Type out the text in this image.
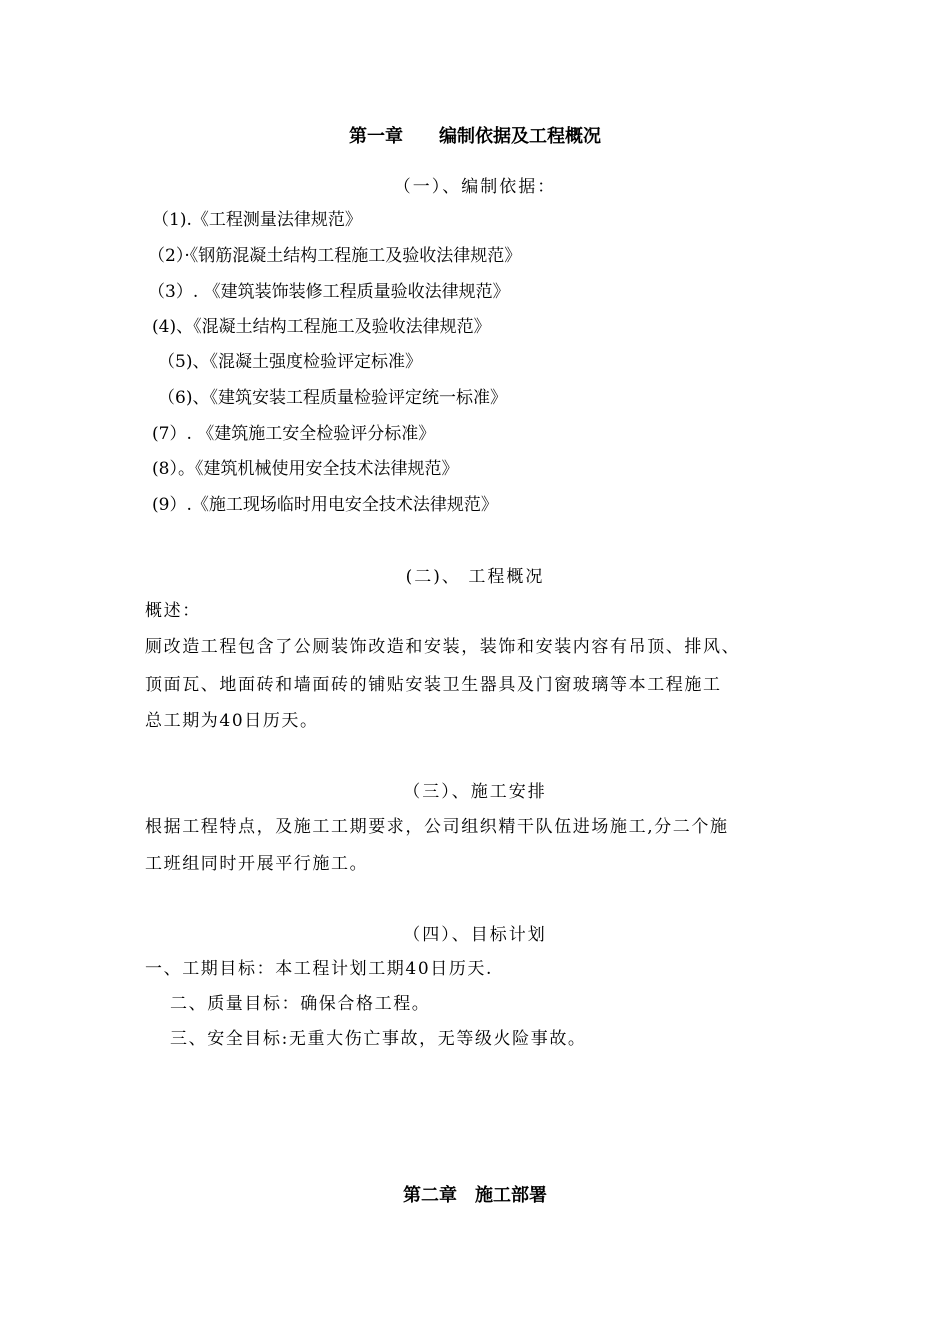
第一章　　编制依据及工程概况
（一）、编制依据：
（1).《工程测量法律规范》
（2）·《钢筋混凝土结构工程施工及验收法律规范》
（3）. 《建筑装饰装修工程质量验收法律规范》
(4)、《混凝土结构工程施工及验收法律规范》
（5)、《混凝土强度检验评定标准》
（6)、《建筑安装工程质量检验评定统一标准》
(7）. 《建筑施工安全检验评分标准》
(8）。《建筑机械使用安全技术法律规范》
(9）.《施工现场临时用电安全技术法律规范》
(二)、 工程概况
概述：
厕改造工程包含了公厕装饰改造和安装，装饰和安装内容有吊顶、排风、
顶面瓦、地面砖和墙面砖的铺贴安装卫生器具及门窗玻璃等本工程施工
总工期为40日历天。
（三）、施工安排
根据工程特点，及施工工期要求，公司组织精干队伍进场施工,分二个施
工班组同时开展平行施工。
（四）、目标计划
一、工期目标：本工程计划工期40日历天.
二、质量目标：确保合格工程。
三、安全目标:无重大伤亡事故，无等级火险事故。
第二章　施工部署
